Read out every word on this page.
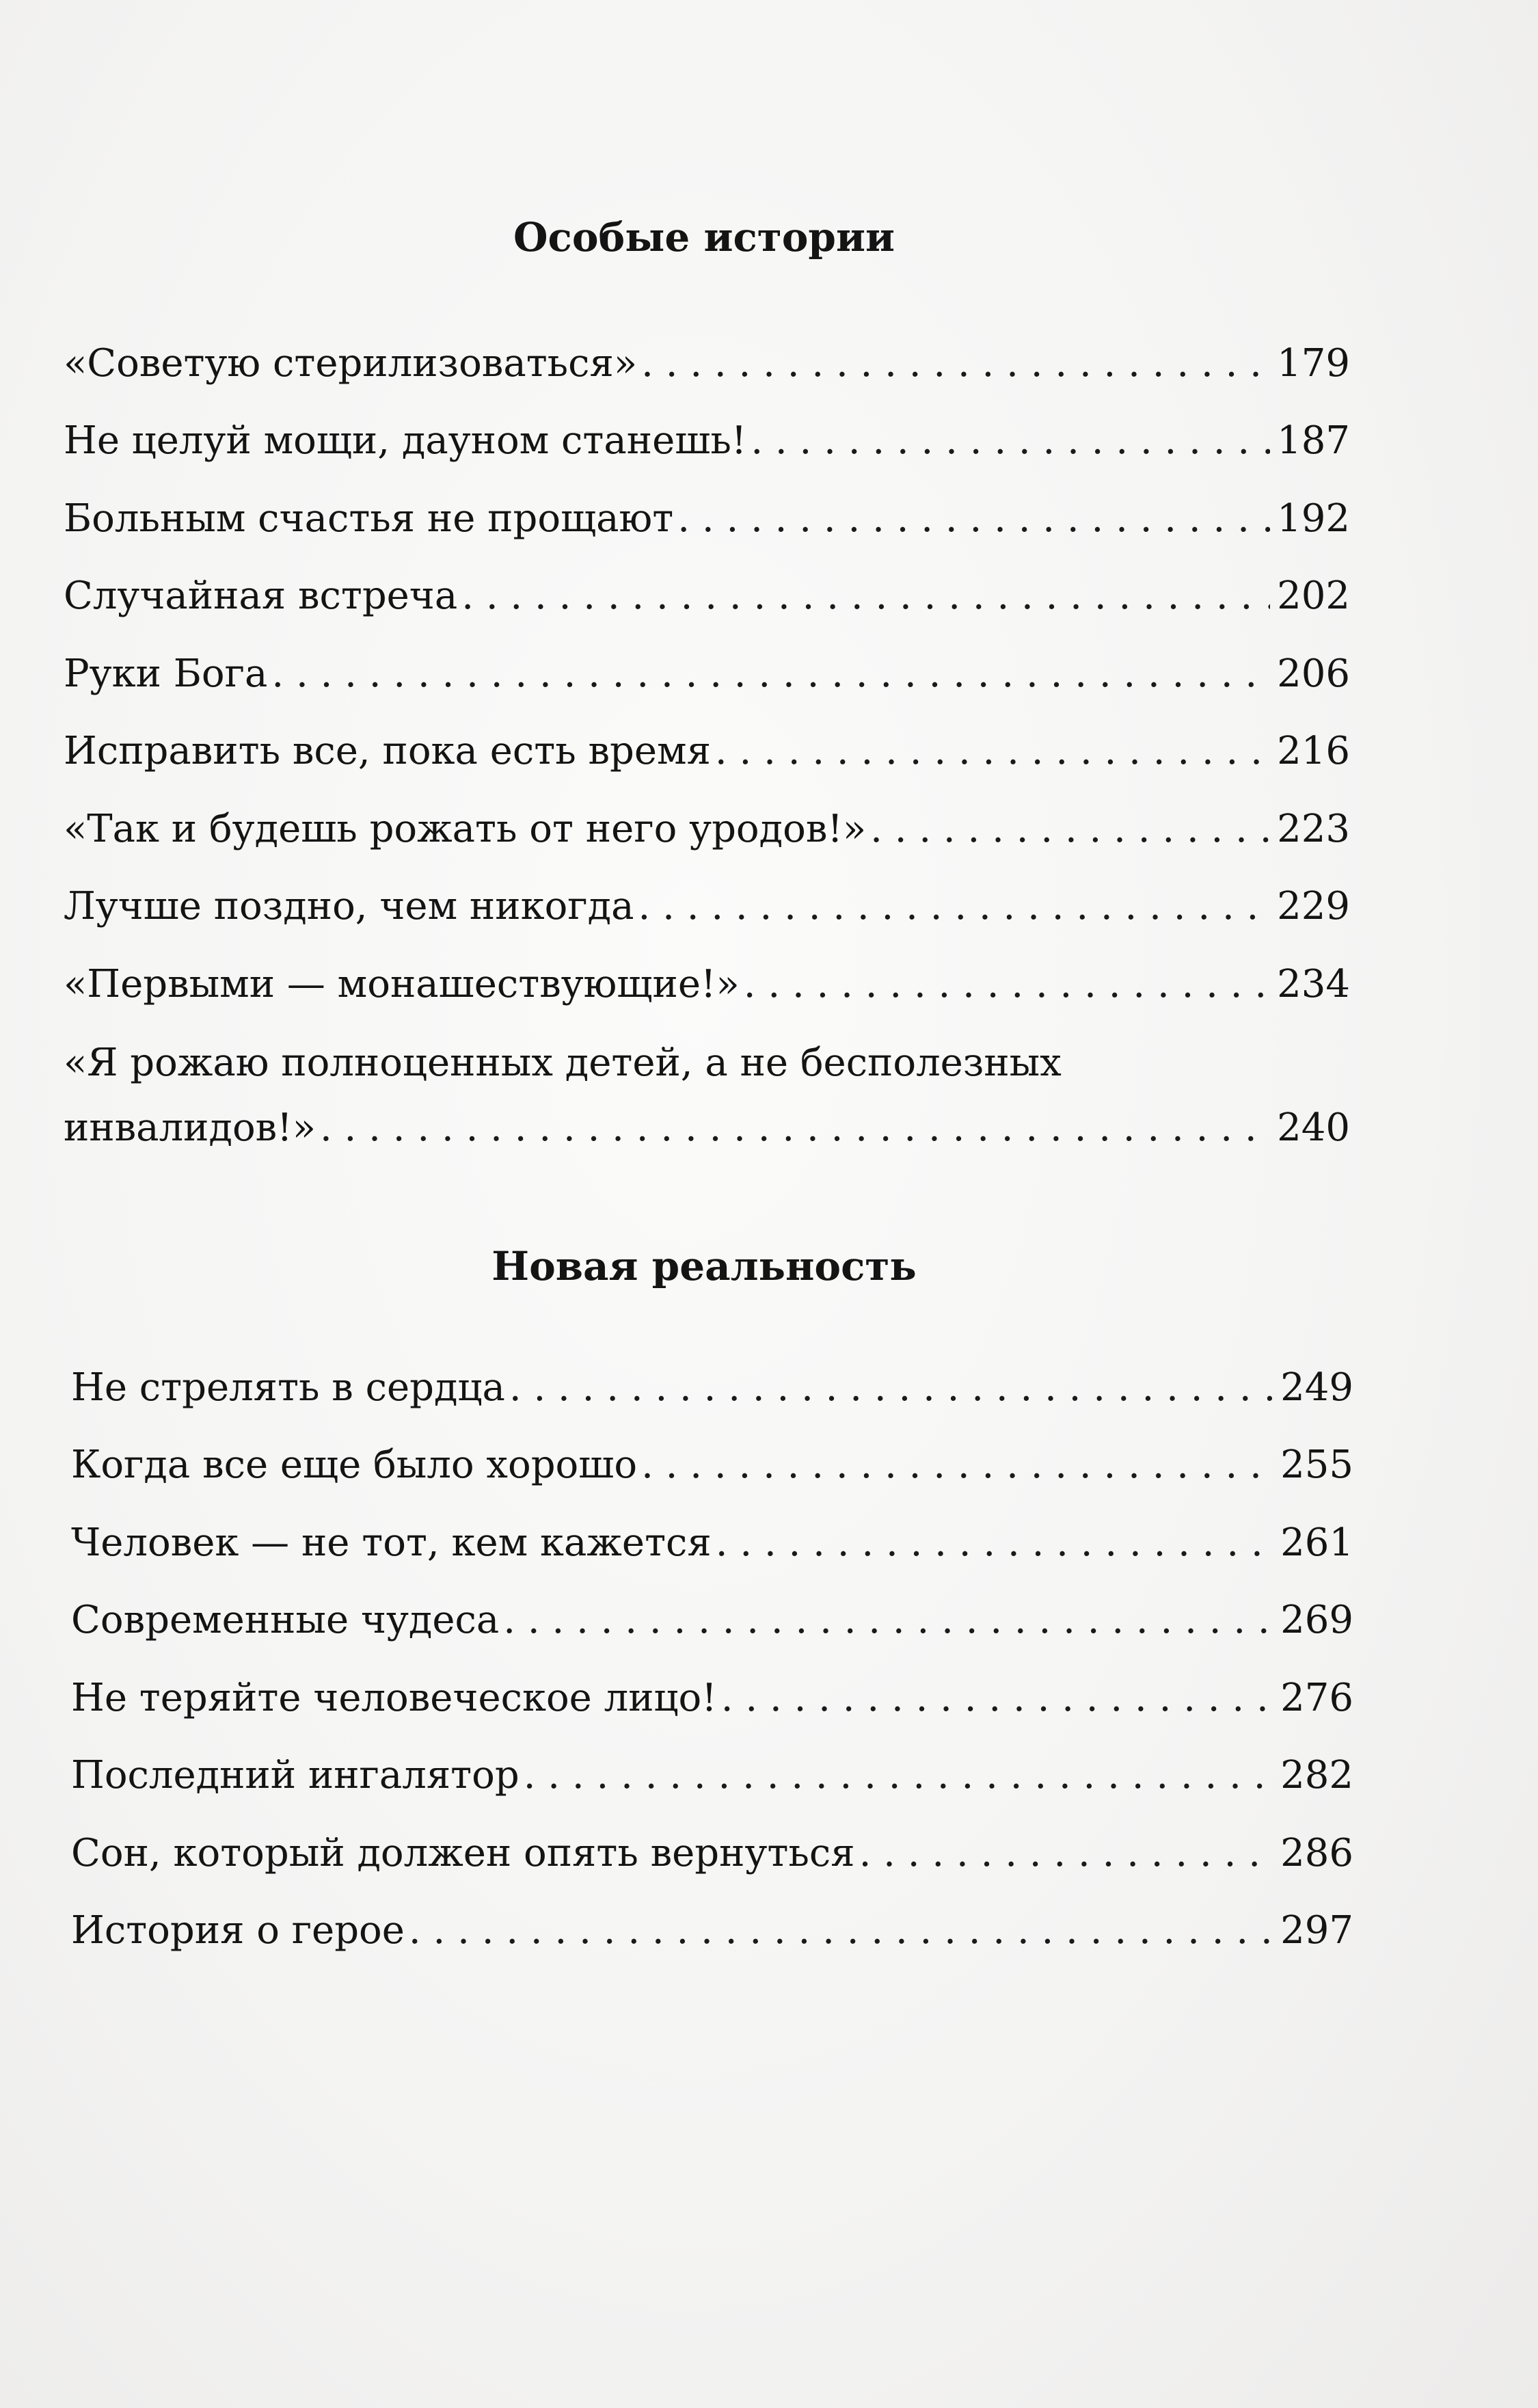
Особые истории
«Советую стерилизоваться» . . .	179
Не целуй мощи, дауном станешь! . . .	187
Больным счастья не прощают . . .	192
Случайная встреча . . .	202
Руки Бога . . .	206
Исправить все, пока есть время . . .	216
«Так и будешь рожать от него уродов!» . . .	223
Лучше поздно, чем никогда . . .	229
«Первыми — монашествующие!» . . .	234
«Я рожаю полноценных детей, а не бесполезных
инвалидов!» . . .	240
Новая реальность
Не стрелять в сердца . . .	249
Когда все еще было хорошо . . .	255
Человек — не тот, кем кажется . . .	261
Современные чудеса . . .	269
Не теряйте человеческое лицо! . . .	276
Последний ингалятор . . .	282
Сон, который должен опять вернуться . . .	286
История о герое . . .	297
